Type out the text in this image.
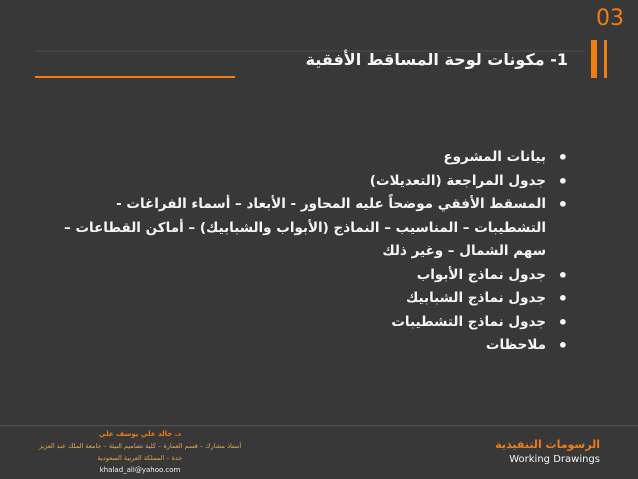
03
1- مكونات لوحة المساقط الأفقية
• بيانات المشروع
• جدول المراجعة (التعديلات)
• المسقط الأفقي موضحاً عليه المحاور - الأبعاد – أسماء الفراغات - التشطيبات – المناسيب – النماذج (الأبواب والشبابيك) – أماكن القطاعات – سهم الشمال – وغير ذلك
• جدول نماذج الأبواب
• جدول نماذج الشبابيك
• جدول نماذج التشطيبات
• ملاحظات
د. خالد علي يوسف علي
أستاذ مشارك – قسم العمارة – كلية تصاميم البيئة – جامعة الملك عبد العزيز
جدة – المملكة العربية السعودية
khalad_ali@yahoo.com
الرسومات التنفيذية
Working Drawings
